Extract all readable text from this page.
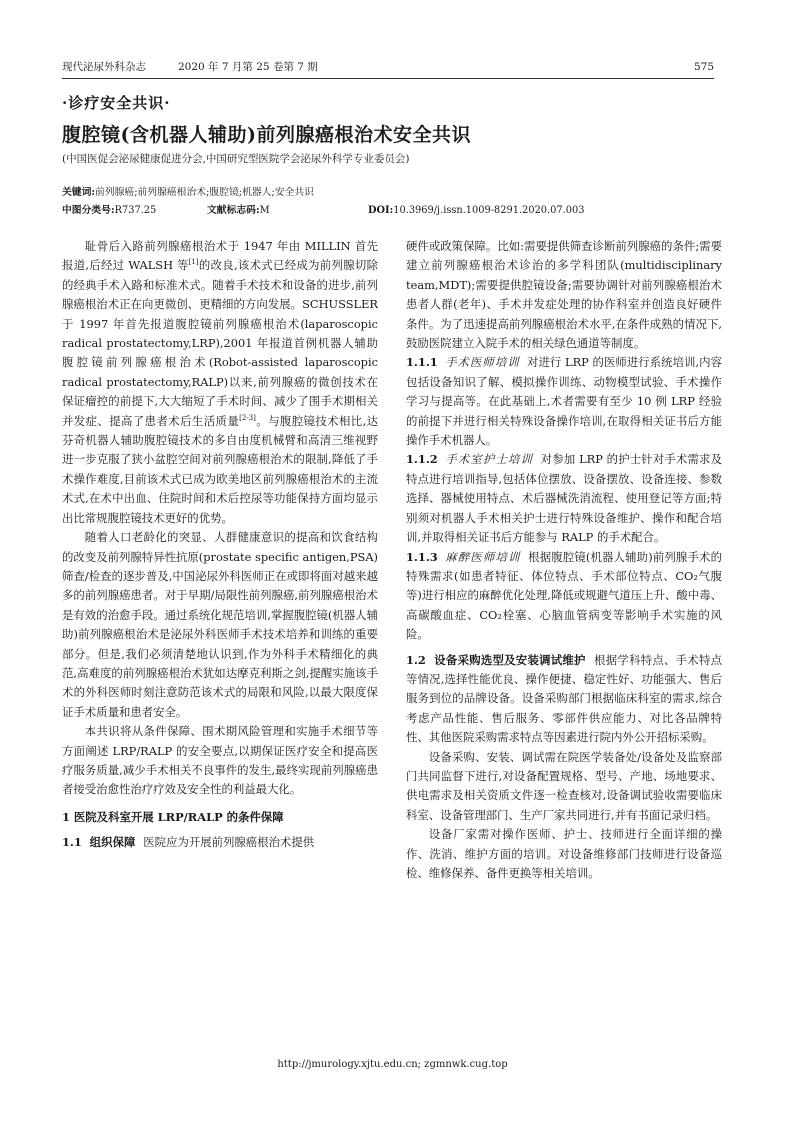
现代泌尿外科杂志	2020 年 7 月第 25 卷第 7 期	575
·诊疗安全共识·
腹腔镜(含机器人辅助)前列腺癌根治术安全共识
(中国医促会泌尿健康促进分会,中国研究型医院学会泌尿外科学专业委员会)
关键词:前列腺癌;前列腺癌根治术;腹腔镜;机器人;安全共识
中图分类号:R737.25	文献标志码:M	DOI:10.3969/j.issn.1009-8291.2020.07.003

耻骨后入路前列腺癌根治术于 1947 年由 MILLIN 首先报道,后经过 WALSH 等[1]的改良,该术式已经成为前列腺切除的经典手术入路和标准术式。随着手术技术和设备的进步,前列腺癌根治术正在向更微创、更精细的方向发展。SCHUSSLER 于 1997 年首先报道腹腔镜前列腺癌根治术(laparoscopic radical prostatectomy,LRP),2001 年报道首例机器人辅助腹腔镜前列腺癌根治术(Robot-assisted laparoscopic radical prostatectomy,RALP)以来,前列腺癌的微创技术在保证瘤控的前提下,大大缩短了手术时间、减少了围手术期相关并发症、提高了患者术后生活质量[2-3]。与腹腔镜技术相比,达芬奇机器人辅助腹腔镜技术的多自由度机械臂和高清三维视野进一步克服了狭小盆腔空间对前列腺癌根治术的限制,降低了手术操作难度,目前该术式已成为欧美地区前列腺癌根治术的主流术式,在术中出血、住院时间和术后控尿等功能保持方面均显示出比常规腹腔镜技术更好的优势。

随着人口老龄化的突显、人群健康意识的提高和饮食结构的改变及前列腺特异性抗原(prostate specific antigen,PSA)筛查/检查的逐步普及,中国泌尿外科医师正在或即将面对越来越多的前列腺癌患者。对于早期/局限性前列腺癌,前列腺癌根治术是有效的治愈手段。通过系统化规范培训,掌握腹腔镜(机器人辅助)前列腺癌根治术是泌尿外科医师手术技术培养和训练的重要部分。但是,我们必须清楚地认识到,作为外科手术精细化的典范,高难度的前列腺癌根治术犹如达摩克利斯之剑,提醒实施该手术的外科医师时刻注意防范该术式的局限和风险,以最大限度保证手术质量和患者安全。

本共识将从条件保障、围术期风险管理和实施手术细节等方面阐述 LRP/RALP 的安全要点,以期保证医疗安全和提高医疗服务质量,减少手术相关不良事件的发生,最终实现前列腺癌患者接受治愈性治疗疗效及安全性的利益最大化。

1 医院及科室开展 LRP/RALP 的条件保障

1.1 组织保障 医院应为开展前列腺癌根治术提供

硬件或政策保障。比如:需要提供筛查诊断前列腺癌的条件;需要建立前列腺癌根治术诊治的多学科团队(multidisciplinary team,MDT);需要提供腔镜设备;需要协调针对前列腺癌根治术患者人群(老年)、手术并发症处理的协作科室并创造良好硬件条件。为了迅速提高前列腺癌根治术水平,在条件成熟的情况下,鼓励医院建立入院手术的相关绿色通道等制度。

1.1.1 手术医师培训 对进行 LRP 的医师进行系统培训,内容包括设备知识了解、模拟操作训练、动物模型试验、手术操作学习与提高等。在此基础上,术者需要有至少 10 例 LRP 经验的前提下并进行相关特殊设备操作培训,在取得相关证书后方能操作手术机器人。

1.1.2 手术室护士培训 对参加 LRP 的护士针对手术需求及特点进行培训指导,包括体位摆放、设备摆放、设备连接、参数选择、器械使用特点、术后器械洗消流程、使用登记等方面;特别须对机器人手术相关护士进行特殊设备维护、操作和配合培训,并取得相关证书后方能参与 RALP 的手术配合。

1.1.3 麻醉医师培训 根据腹腔镜(机器人辅助)前列腺手术的特殊需求(如患者特征、体位特点、手术部位特点、CO₂气腹等)进行相应的麻醉优化处理,降低或规避气道压上升、酸中毒、高碳酸血症、CO₂栓塞、心脑血管病变等影响手术实施的风险。

1.2 设备采购选型及安装调试维护 根据学科特点、手术特点等情况,选择性能优良、操作便捷、稳定性好、功能强大、售后服务到位的品牌设备。设备采购部门根据临床科室的需求,综合考虑产品性能、售后服务、零部件供应能力、对比各品牌特性、其他医院采购需求特点等因素进行院内外公开招标采购。

设备采购、安装、调试需在院医学装备处/设备处及监察部门共同监督下进行,对设备配置规格、型号、产地、场地要求、供电需求及相关资质文件逐一检查核对,设备调试验收需要临床科室、设备管理部门、生产厂家共同进行,并有书面记录归档。

设备厂家需对操作医师、护士、技师进行全面详细的操作、洗消、维护方面的培训。对设备维修部门技师进行设备巡检、维修保养、备件更换等相关培训。

http://jmurology.xjtu.edu.cn; zgmnwk.cug.top
